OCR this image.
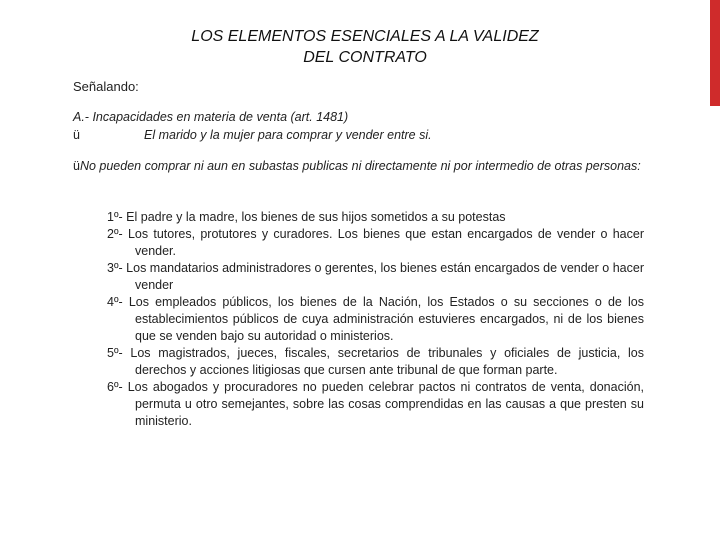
LOS ELEMENTOS ESENCIALES A LA VALIDEZ
DEL CONTRATO
Señalando:
A.- Incapacidades en materia de venta (art. 1481)
ü	El marido y la mujer para comprar y vender entre si.
üNo pueden comprar ni aun en subastas publicas ni directamente ni por intermedio de otras personas:
1º- El padre y la madre, los bienes de sus hijos sometidos a su potestas
2º- Los tutores, protutores y curadores. Los bienes que estan encargados de vender o hacer vender.
3º- Los mandatarios administradores o gerentes, los bienes están encargados de vender o hacer vender
4º- Los empleados públicos, los bienes de la Nación, los Estados o su secciones o de los establecimientos públicos de cuya administración estuvieres encargados, ni de los bienes que se venden bajo su autoridad o ministerios.
5º- Los magistrados, jueces, fiscales, secretarios de tribunales y oficiales de justicia, los derechos y acciones litigiosas que cursen ante tribunal de que forman parte.
6º- Los abogados y procuradores no pueden celebrar pactos ni contratos de venta, donación, permuta u otro semejantes, sobre las cosas comprendidas en las causas a que presten su ministerio.
